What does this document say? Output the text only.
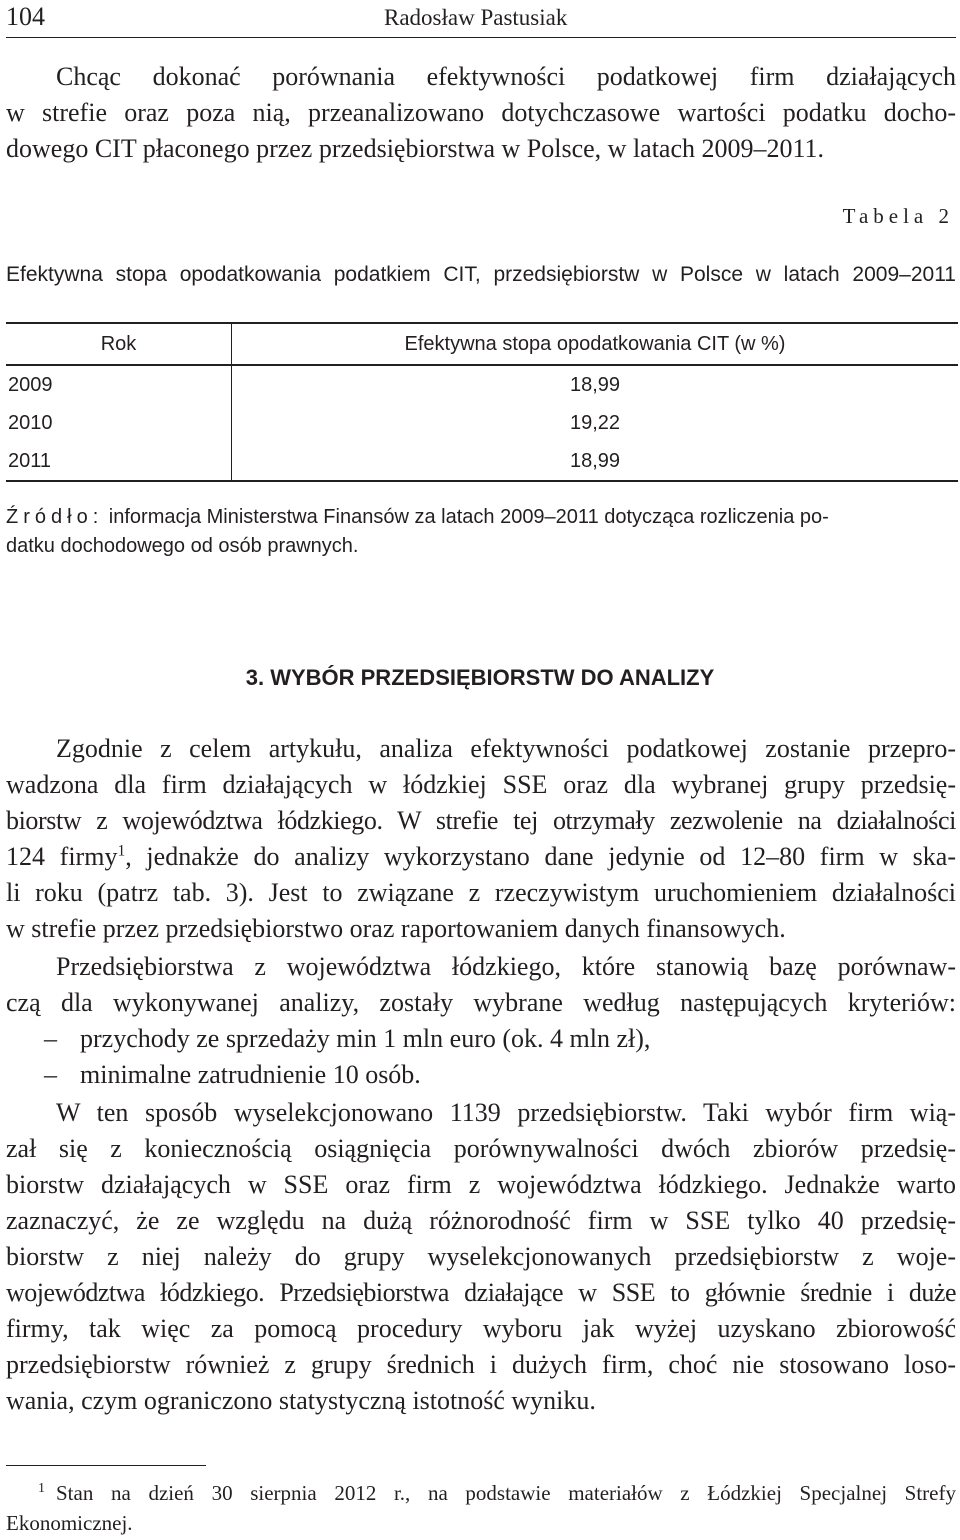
104	Radosław Pastusiak
Chcąc dokonać porównania efektywności podatkowej firm działających
w strefie oraz poza nią, przeanalizowano dotychczasowe wartości podatku docho-
dowego CIT płaconego przez przedsiębiorstwa w Polsce, w latach 2009–2011.
Tabela 2
Efektywna stopa opodatkowania podatkiem CIT, przedsiębiorstw w Polsce w latach 2009–2011
Rok	Efektywna stopa opodatkowania CIT (w %)
2009	18,99
2010	19,22
2011	18,99
Źródło: informacja Ministerstwa Finansów za latach 2009–2011 dotycząca rozliczenia po-
datku dochodowego od osób prawnych.
3. WYBÓR PRZEDSIĘBIORSTW DO ANALIZY
Zgodnie z celem artykułu, analiza efektywności podatkowej zostanie przepro-
wadzona dla firm działających w łódzkiej SSE oraz dla wybranej grupy przedsię-
biorstw z województwa łódzkiego. W strefie tej otrzymały zezwolenie na działalności
124 firmy$^1$, jednakże do analizy wykorzystano dane jedynie od 12–80 firm w ska-
li roku (patrz tab. 3). Jest to związane z rzeczywistym uruchomieniem działalności
w strefie przez przedsiębiorstwo oraz raportowaniem danych finansowych.
Przedsiębiorstwa z województwa łódzkiego, które stanowią bazę porównaw-
czą dla wykonywanej analizy, zostały wybrane według następujących kryteriów:
– przychody ze sprzedaży min 1 mln euro (ok. 4 mln zł),
– minimalne zatrudnienie 10 osób.
W ten sposób wyselekcjonowano 1139 przedsiębiorstw. Taki wybór firm wią-
zał się z koniecznością osiągnięcia porównywalności dwóch zbiorów przedsię-
biorstw działających w SSE oraz firm z województwa łódzkiego. Jednakże warto
zaznaczyć, że ze względu na dużą różnorodność firm w SSE tylko 40 przedsię-
biorstw z niej należy do grupy wyselekcjonowanych przedsiębiorstw z woje-
województwa łódzkiego. Przedsiębiorstwa działające w SSE to głównie średnie i duże
firmy, tak więc za pomocą procedury wyboru jak wyżej uzyskano zbiorowość
przedsiębiorstw również z grupy średnich i dużych firm, choć nie stosowano loso-
wania, czym ograniczono statystyczną istotność wyniku.
1 Stan na dzień 30 sierpnia 2012 r., na podstawie materiałów z Łódzkiej Specjalnej Strefy
Ekonomicznej.
